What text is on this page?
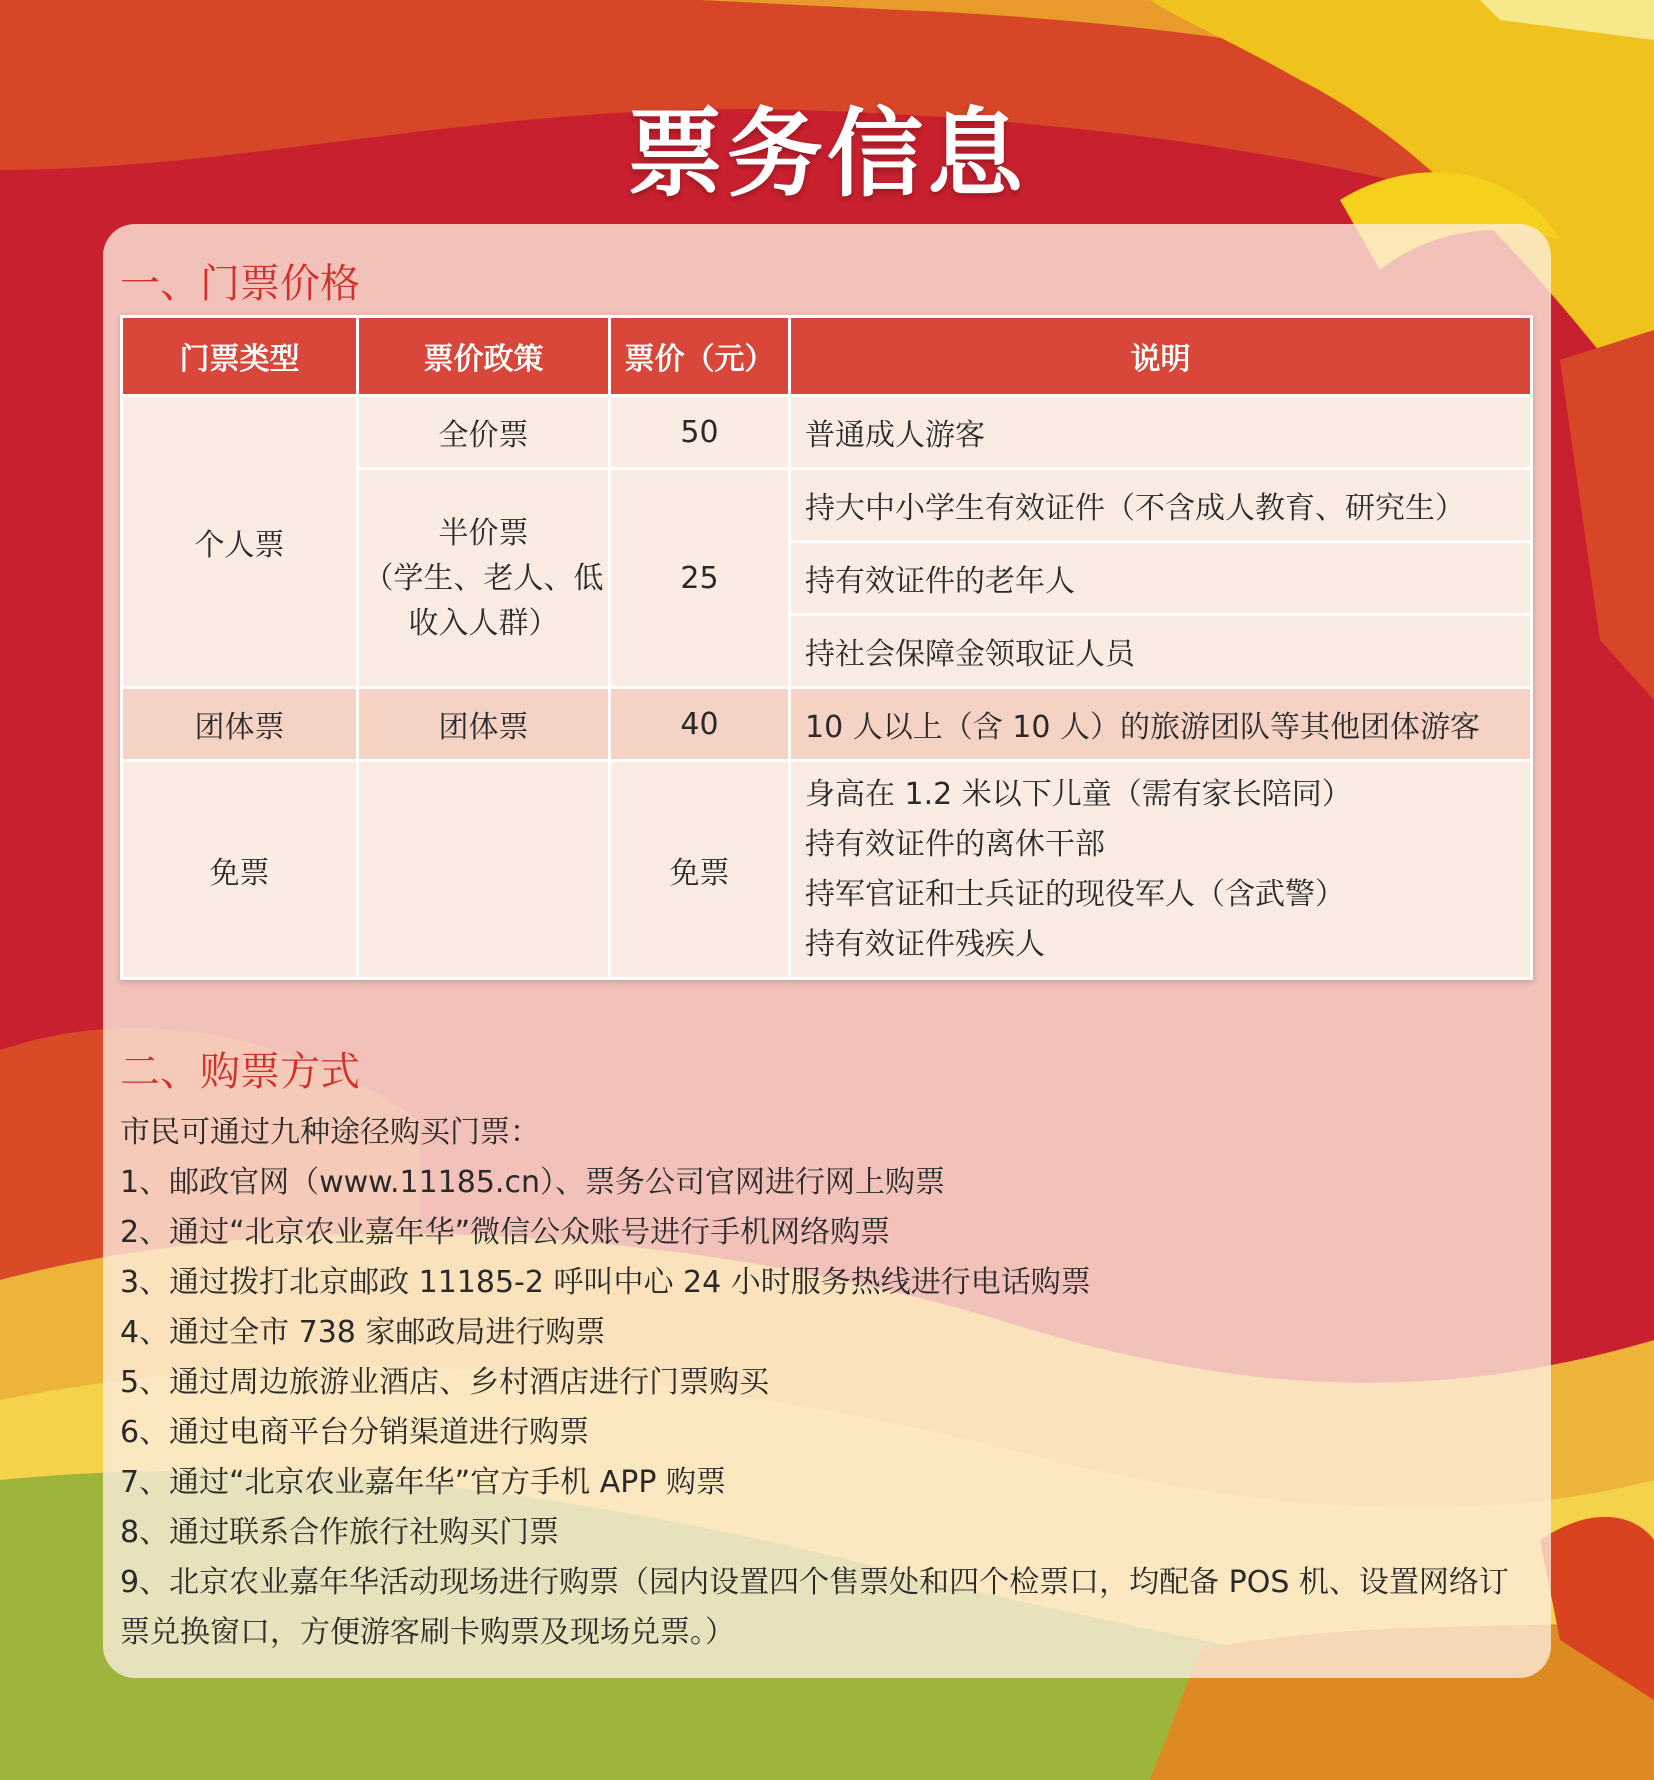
票务信息
一、门票价格
门票类型	票价政策	票价（元）	说明
个人票	全价票	50	普通成人游客

	半价票
（学生、老人、低
收入人群）	25	持大中小学生有效证件（不含成人教育、研究生）
			持有效证件的老年人
			持社会保障金领取证人员
团体票	团体票	40	10 人以上（含 10 人）的旅游团队等其他团体游客
免票		免票	身高在 1.2 米以下儿童（需有家长陪同）
持有效证件的离休干部
持军官证和士兵证的现役军人（含武警）
持有效证件残疾人
二、购票方式

市民可通过九种途径购买门票：

1、邮政官网（www.11185.cn）、票务公司官网进行网上购票

2、通过“北京农业嘉年华”微信公众账号进行手机网络购票

3、通过拨打北京邮政 11185-2 呼叫中心 24 小时服务热线进行电话购票

4、通过全市 738 家邮政局进行购票

5、通过周边旅游业酒店、乡村酒店进行门票购买

6、通过电商平台分销渠道进行购票

7、通过“北京农业嘉年华”官方手机 APP 购票

8、通过联系合作旅行社购买门票

9、北京农业嘉年华活动现场进行购票（园内设置四个售票处和四个检票口，均配备 POS 机、设置网络订票兑换窗口，方便游客刷卡购票及现场兑票。）
